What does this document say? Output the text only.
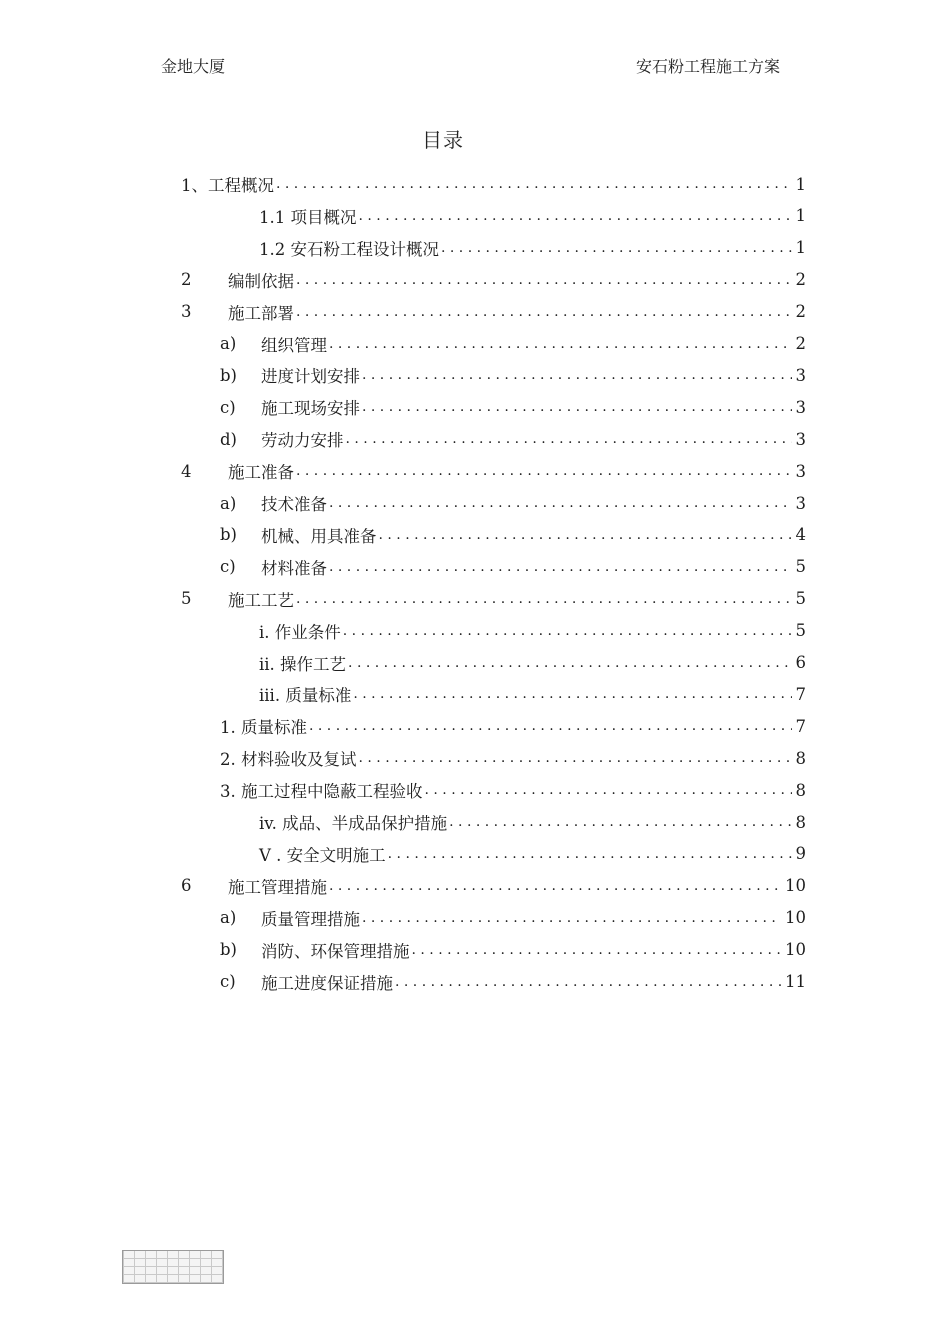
金地大厦	安石粉工程施工方案
目录
1、 工程概况 . . .	1
1.1 项目概况 . . .	1
1.2 安石粉工程设计概况 . . .	1
2	编制依据 . . .	2
3	施工部署 . . .	2
a)	组织管理 . . .	2
b)	进度计划安排 . . .	3
c)	施工现场安排 . . .	3
d)	劳动力安排 . . .	3
4	施工准备 . . .	3
a)	技术准备 . . .	3
b)	机械、用具准备 . . .	4
c)	材料准备 . . .	5
5	施工工艺 . . .	5
i. 作业条件 . . .	5
ii. 操作工艺 . . .	6
iii. 质量标准 . . .	7
1. 质量标准 . . .	7
2. 材料验收及复试 . . .	8
3. 施工过程中隐蔽工程验收 . . .	8
iv. 成品、半成品保护措施 . . .	8
V . 安全文明施工 . . .	9
6	施工管理措施 . . .	10
a)	质量管理措施 . . .	10
b)	消防、环保管理措施 . . .	10
c)	施工进度保证措施 . . .	11
